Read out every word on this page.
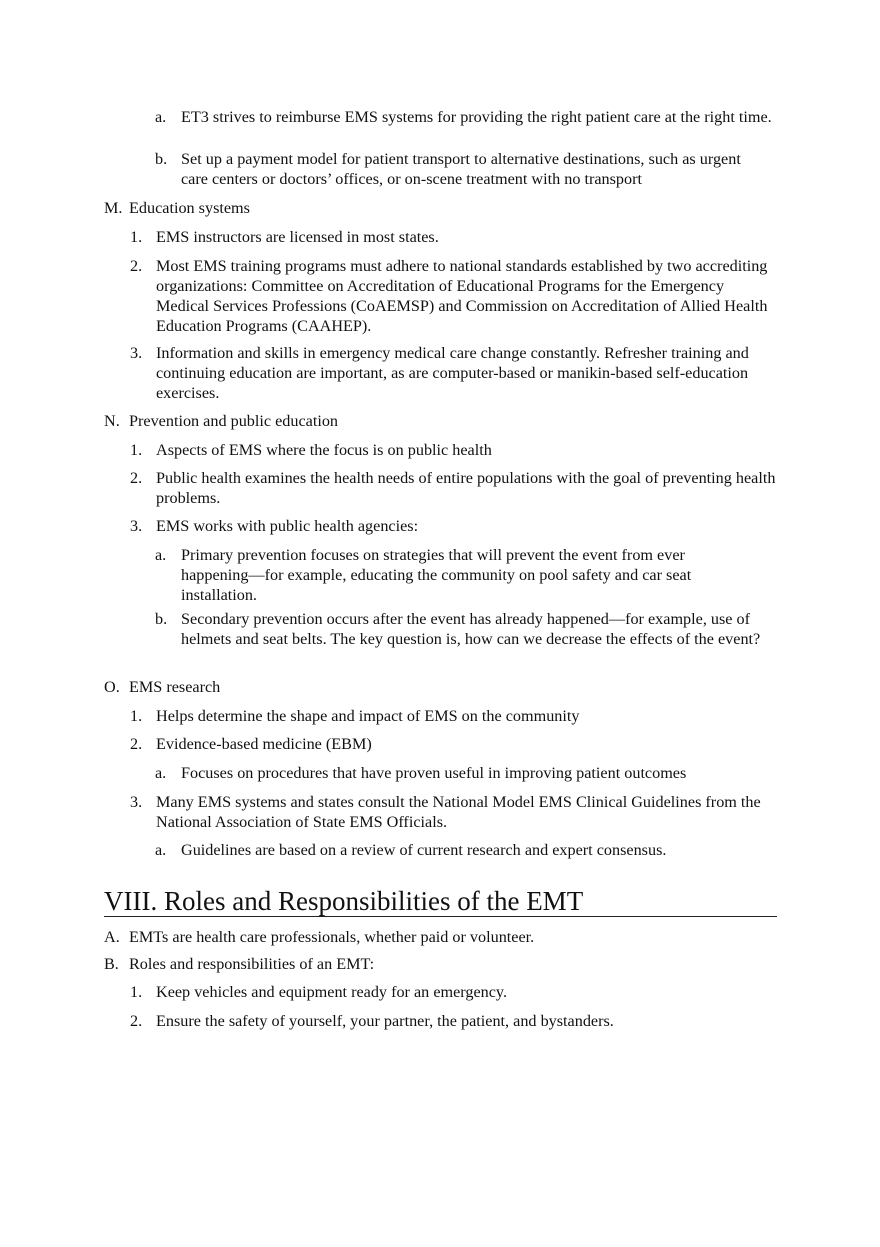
a. ET3 strives to reimburse EMS systems for providing the right patient care at the right time.
b. Set up a payment model for patient transport to alternative destinations, such as urgent care centers or doctors’ offices, or on-scene treatment with no transport
M. Education systems
1. EMS instructors are licensed in most states.
2. Most EMS training programs must adhere to national standards established by two accrediting organizations: Committee on Accreditation of Educational Programs for the Emergency Medical Services Professions (CoAEMSP) and Commission on Accreditation of Allied Health Education Programs (CAAHEP).
3. Information and skills in emergency medical care change constantly. Refresher training and continuing education are important, as are computer-based or manikin-based self-education exercises.
N. Prevention and public education
1. Aspects of EMS where the focus is on public health
2. Public health examines the health needs of entire populations with the goal of preventing health problems.
3. EMS works with public health agencies:
a. Primary prevention focuses on strategies that will prevent the event from ever happening—for example, educating the community on pool safety and car seat installation.
b. Secondary prevention occurs after the event has already happened—for example, use of helmets and seat belts. The key question is, how can we decrease the effects of the event?
O. EMS research
1. Helps determine the shape and impact of EMS on the community
2. Evidence-based medicine (EBM)
a. Focuses on procedures that have proven useful in improving patient outcomes
3. Many EMS systems and states consult the National Model EMS Clinical Guidelines from the National Association of State EMS Officials.
a. Guidelines are based on a review of current research and expert consensus.
VIII. Roles and Responsibilities of the EMT
A. EMTs are health care professionals, whether paid or volunteer.
B. Roles and responsibilities of an EMT:
1. Keep vehicles and equipment ready for an emergency.
2. Ensure the safety of yourself, your partner, the patient, and bystanders.
